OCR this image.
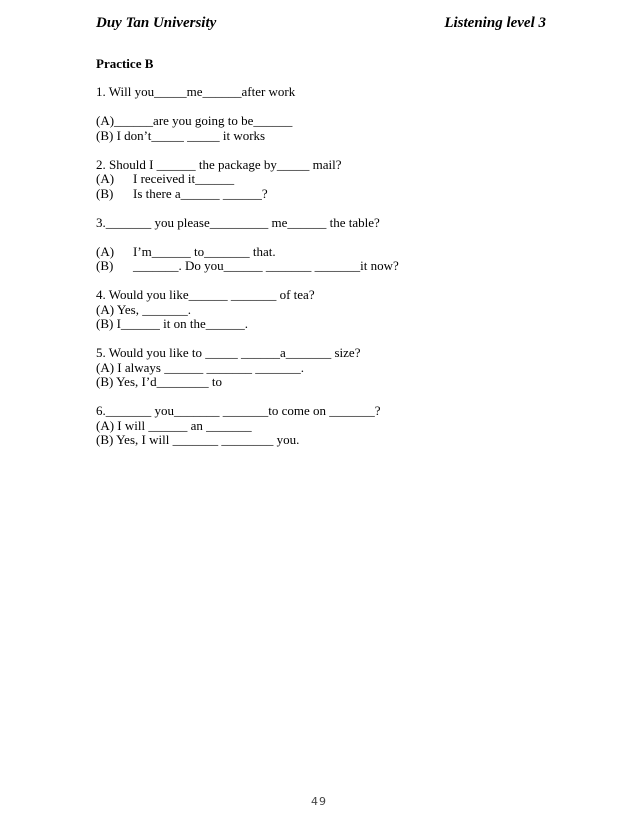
Duy Tan University	Listening level 3
Practice B
1. Will you_____me______after work
(A)______are you going to be______
(B) I don’t_____ _____ it works
2. Should I ______ the package by_____ mail?
(A)	I received it______
(B)	Is there a______ ______?
3._______ you please_________ me______ the table?
(A)	I’m______ to_______ that.
(B)	_______. Do you______ _______ _______it now?
4. Would you like______ _______ of tea?
(A) Yes, _______.
(B) I______ it on the______.
5. Would you like to _____ ______a_______ size?
(A) I always ______ _______ _______.
(B) Yes, I’d________ to
6._______ you_______ _______to come on _______?
(A) I will ______ an _______
(B) Yes, I will _______ ________ you.
49
